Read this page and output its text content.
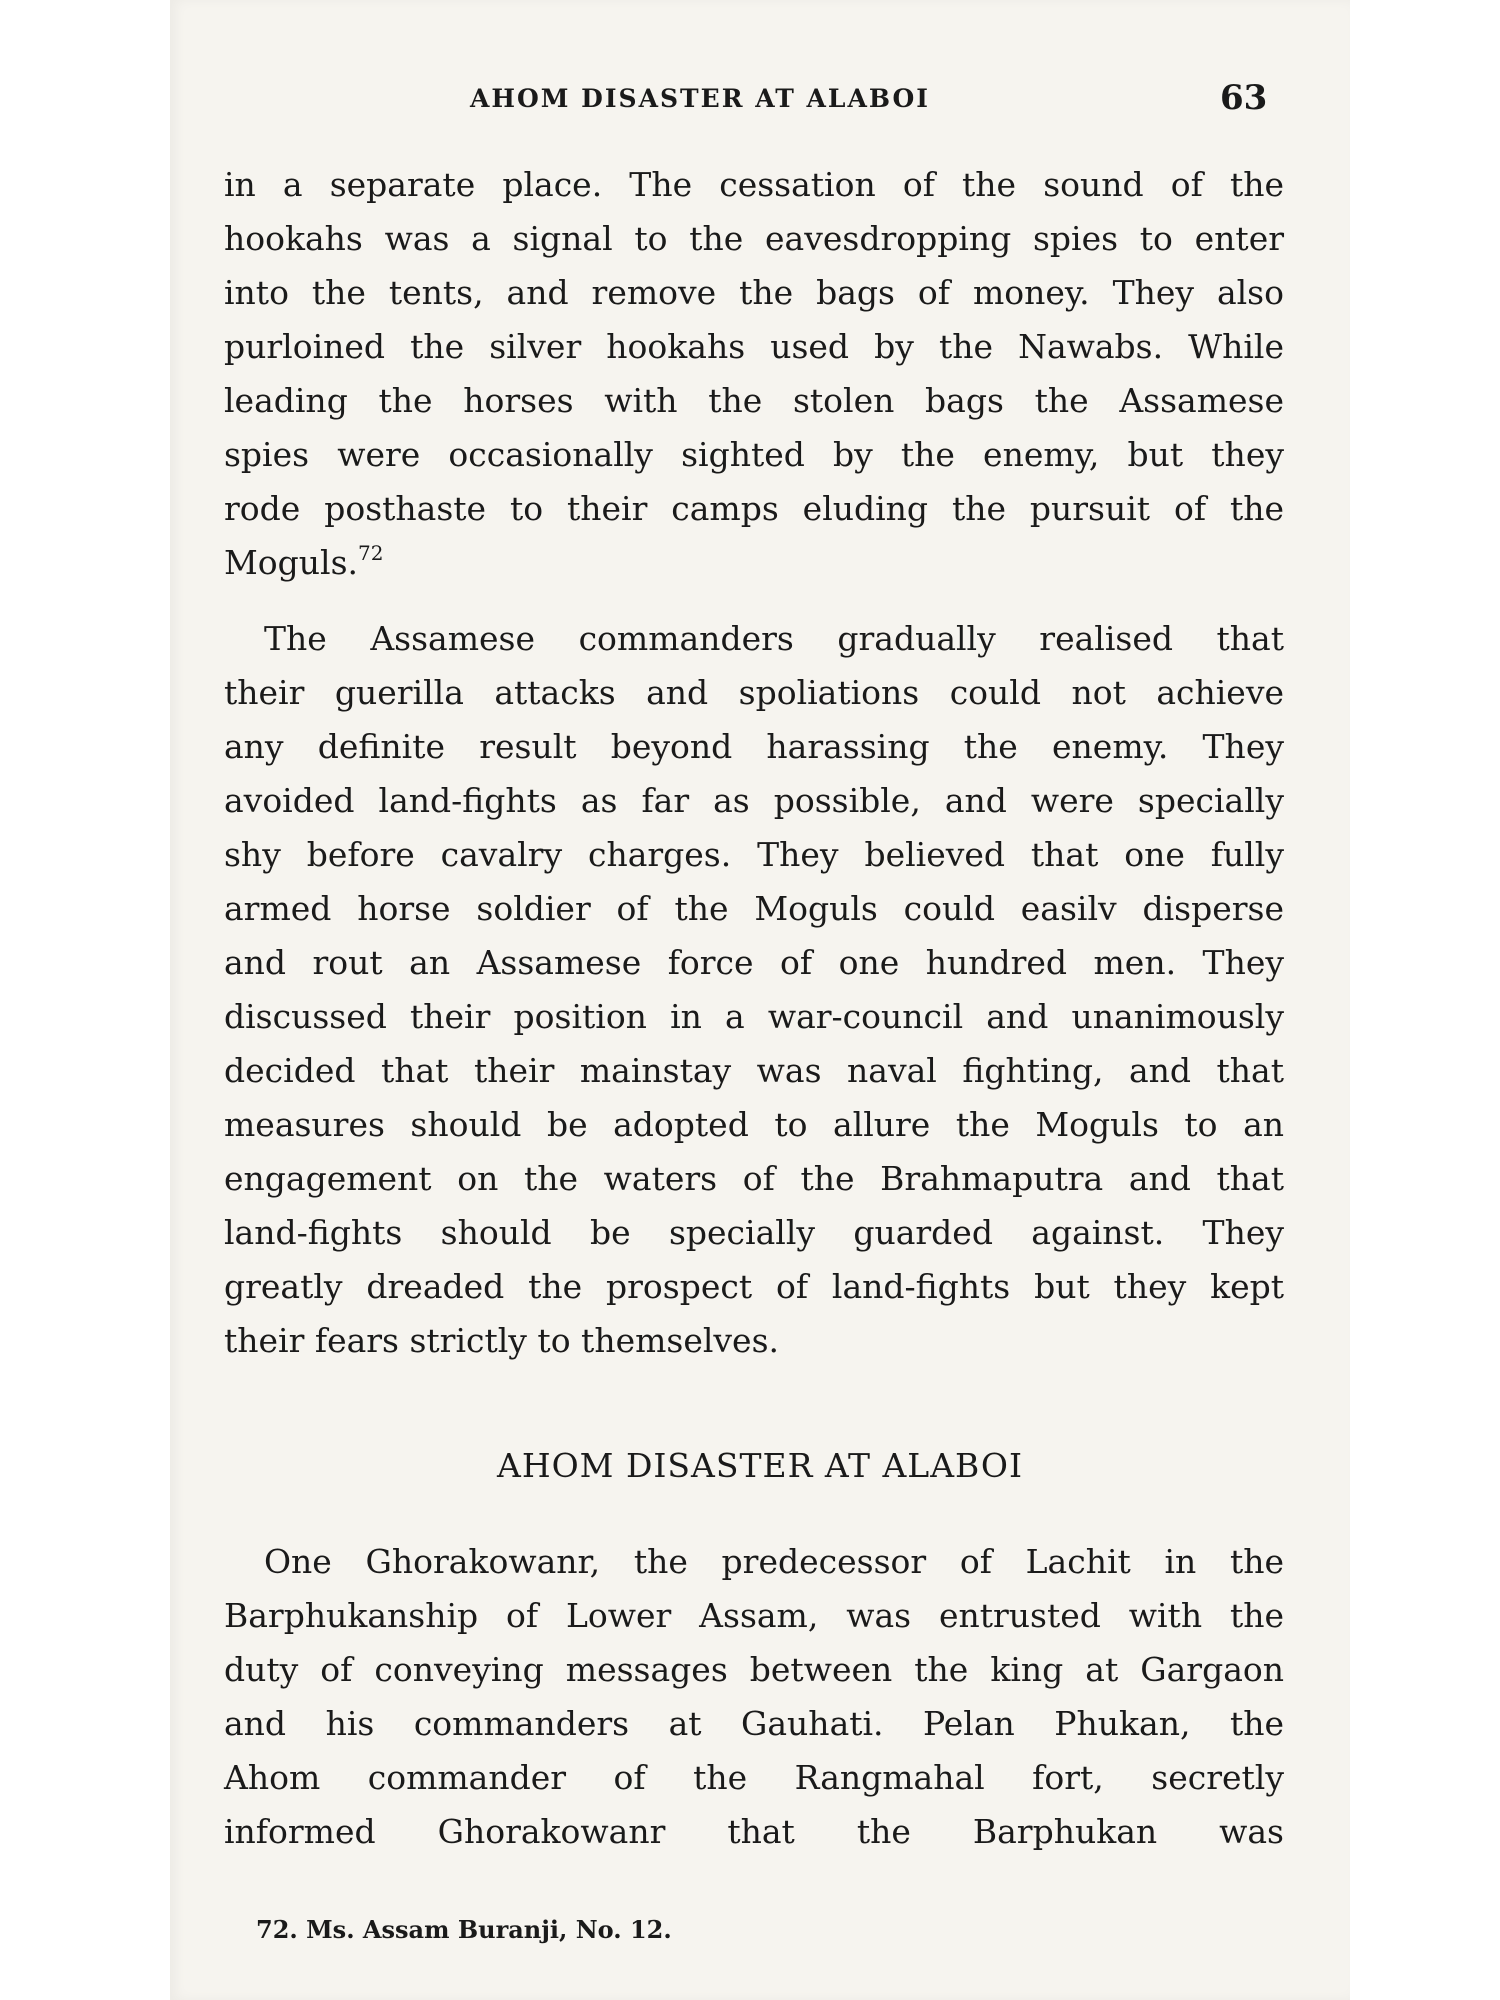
AHOM DISASTER AT ALABOI	63
in a separate place. The cessation of the sound of the
hookahs was a signal to the eavesdropping spies to enter
into the tents, and remove the bags of money. They also
purloined the silver hookahs used by the Nawabs. While
leading the horses with the stolen bags the Assamese
spies were occasionally sighted by the enemy, but they
rode posthaste to their camps eluding the pursuit of the
Moguls.$^{72}$
The Assamese commanders gradually realised that
their guerilla attacks and spoliations could not achieve
any definite result beyond harassing the enemy. They
avoided land-fights as far as possible, and were specially
shy before cavalry charges. They believed that one fully
armed horse soldier of the Moguls could easilv disperse
and rout an Assamese force of one hundred men. They
discussed their position in a war-council and unanimously
decided that their mainstay was naval fighting, and that
measures should be adopted to allure the Moguls to an
engagement on the waters of the Brahmaputra and that
land-fights should be specially guarded against. They
greatly dreaded the prospect of land-fights but they kept
their fears strictly to themselves.
AHOM DISASTER AT ALABOI
One Ghorakowanr, the predecessor of Lachit in the
Barphukanship of Lower Assam, was entrusted with the
duty of conveying messages between the king at Gargaon
and his commanders at Gauhati. Pelan Phukan, the
Ahom commander of the Rangmahal fort, secretly
informed Ghorakowanr that the Barphukan was
72. Ms. Assam Buranji, No. 12.
